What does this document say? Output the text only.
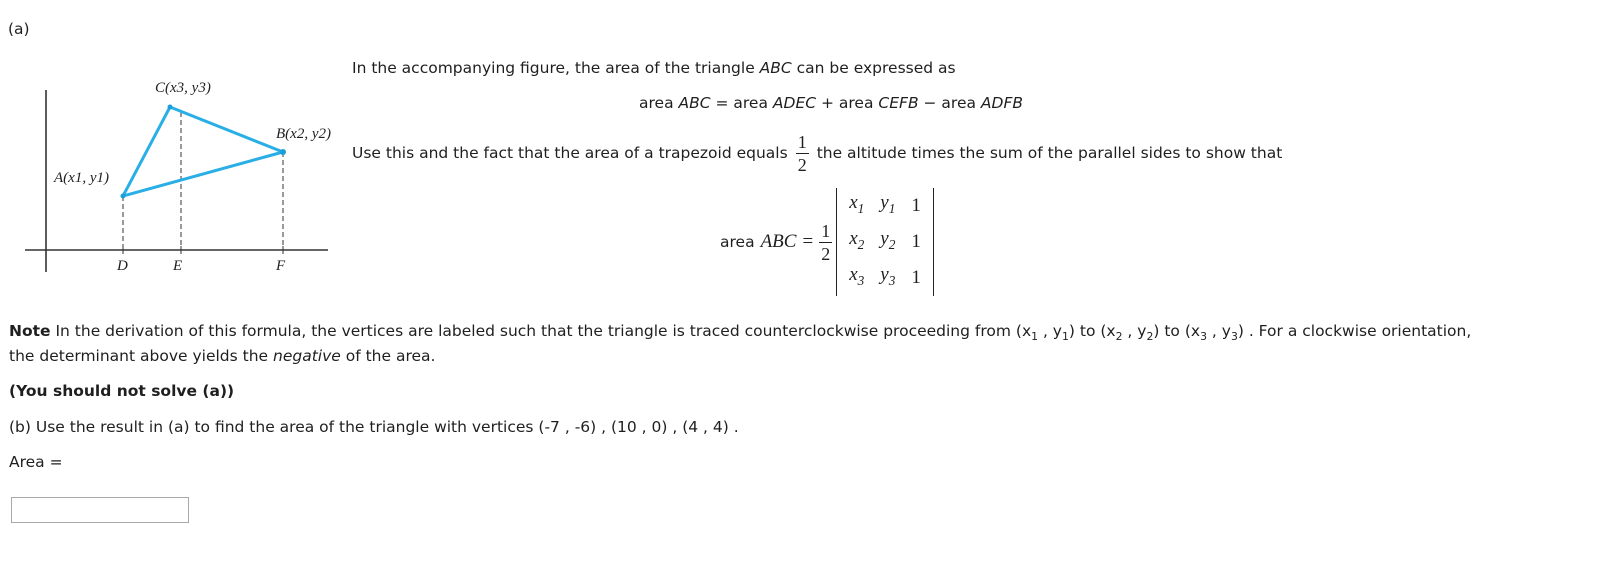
(a)
C(x3, y3)
B(x2, y2)
A(x1, y1)
D	E	F
In the accompanying figure, the area of the triangle ABC can be expressed as
area ABC = area ADEC + area CEFB − area ADFB
Use this and the fact that the area of a trapezoid equals $\frac{1}{2}$ the altitude times the sum of the parallel sides to show that
area ABC = $\frac{1}{2}$
$x_1$	$y_1$	1
$x_2$	$y_2$	1
$x_3$	$y_3$	1
Note In the derivation of this formula, the vertices are labeled such that the triangle is traced counterclockwise proceeding from ($x_1$ , $y_1$) to ($x_2$ , $y_2$) to ($x_3$ , $y_3$) . For a clockwise orientation,
the determinant above yields the negative of the area.
(You should not solve (a))
(b) Use the result in (a) to find the area of the triangle with vertices (-7 , -6) , (10 , 0) , (4 , 4) .
Area =
